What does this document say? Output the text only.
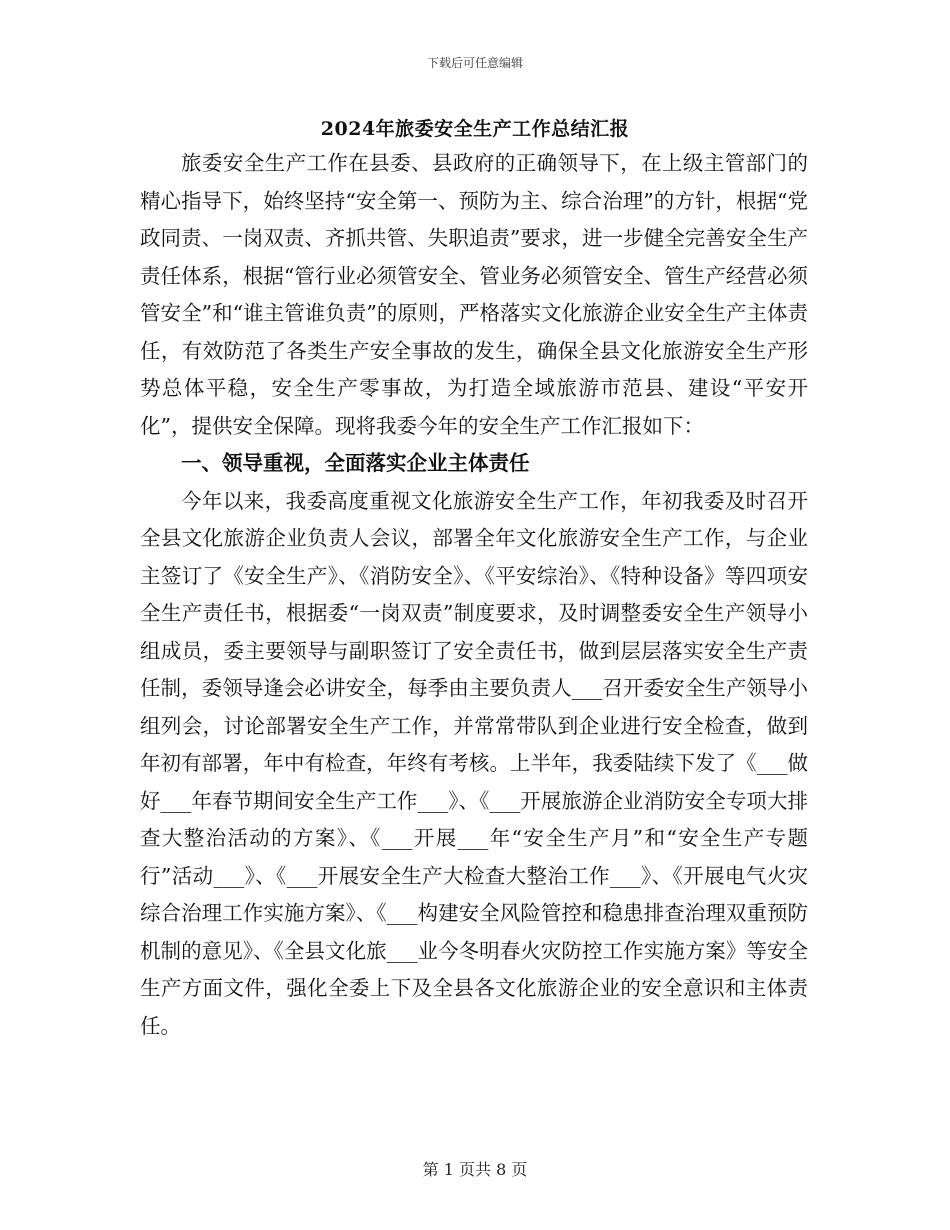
下载后可任意编辑
2024年旅委安全生产工作总结汇报

旅委安全生产工作在县委、县政府的正确领导下，在上级主管部门的精心指导下，始终坚持“安全第一、预防为主、综合治理”的方针，根据“党政同责、一岗双责、齐抓共管、失职追责”要求，进一步健全完善安全生产责任体系，根据“管行业必须管安全、管业务必须管安全、管生产经营必须管安全”和“谁主管谁负责”的原则，严格落实文化旅游企业安全生产主体责任，有效防范了各类生产安全事故的发生，确保全县文化旅游安全生产形势总体平稳，安全生产零事故，为打造全域旅游市范县、建设“平安开化”，提供安全保障。现将我委今年的安全生产工作汇报如下：

一、领导重视，全面落实企业主体责任

今年以来，我委高度重视文化旅游安全生产工作，年初我委及时召开全县文化旅游企业负责人会议，部署全年文化旅游安全生产工作，与企业主签订了《安全生产》、《消防安全》、《平安综治》、《特种设备》等四项安全生产责任书，根据委“一岗双责”制度要求，及时调整委安全生产领导小组成员，委主要领导与副职签订了安全责任书，做到层层落实安全生产责任制，委领导逢会必讲安全，每季由主要负责人___召开委安全生产领导小组列会，讨论部署安全生产工作，并常常带队到企业进行安全检查，做到年初有部署，年中有检查，年终有考核。上半年，我委陆续下发了《___做好___年春节期间安全生产工作___》、《___开展旅游企业消防安全专项大排查大整治活动的方案》、《___开展___年“安全生产月”和“安全生产专题行”活动___》、《___开展安全生产大检查大整治工作___》、《开展电气火灾综合治理工作实施方案》、《___构建安全风险管控和稳患排查治理双重预防机制的意见》、《全县文化旅___业今冬明春火灾防控工作实施方案》等安全生产方面文件，强化全委上下及全县各文化旅游企业的安全意识和主体责任。

第 1 页共 8 页
